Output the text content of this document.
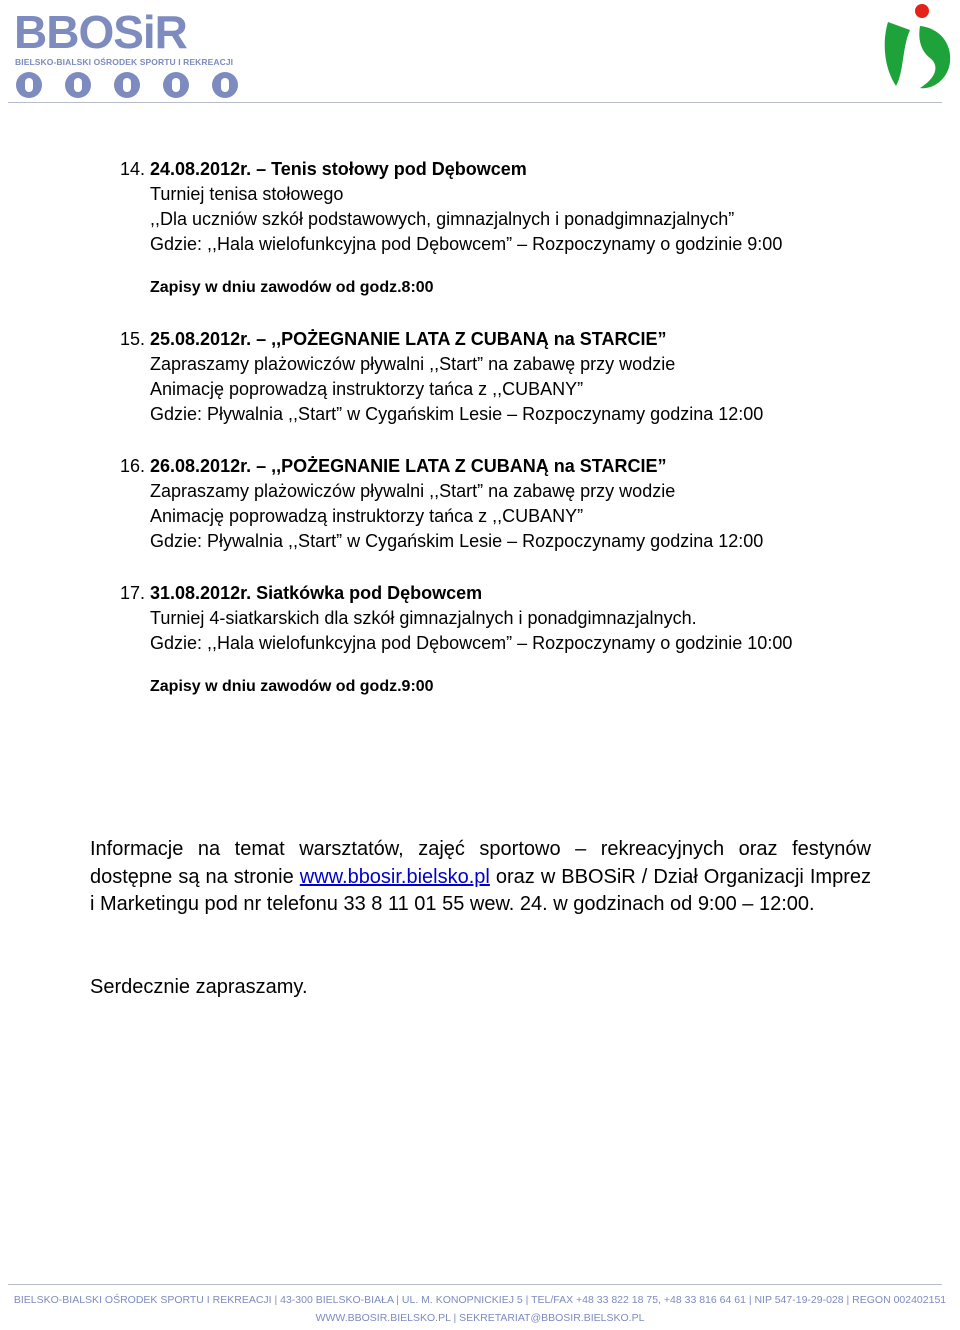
BBOSiR
BIELSKO-BIALSKI OŚRODEK SPORTU I REKREACJI
14. 24.08.2012r. – Tenis stołowy pod Dębowcem
Turniej tenisa stołowego
,,Dla uczniów szkół podstawowych, gimnazjalnych i ponadgimnazjalnych”
Gdzie: ,,Hala wielofunkcyjna pod Dębowcem” – Rozpoczynamy o godzinie 9:00
Zapisy w dniu zawodów od godz.8:00
15. 25.08.2012r. – ,,POŻEGNANIE LATA Z CUBANĄ na STARCIE”
Zapraszamy plażowiczów pływalni ,,Start” na zabawę przy wodzie
Animację poprowadzą instruktorzy tańca z ,,CUBANY”
Gdzie: Pływalnia ,,Start” w Cygańskim Lesie – Rozpoczynamy godzina 12:00
16. 26.08.2012r. – ,,POŻEGNANIE LATA Z CUBANĄ na STARCIE”
Zapraszamy plażowiczów pływalni ,,Start” na zabawę przy wodzie
Animację poprowadzą instruktorzy tańca z ,,CUBANY”
Gdzie: Pływalnia ,,Start” w Cygańskim Lesie – Rozpoczynamy godzina 12:00
17. 31.08.2012r. Siatkówka pod Dębowcem
Turniej 4-siatkarskich dla szkół gimnazjalnych i ponadgimnazjalnych.
Gdzie: ,,Hala wielofunkcyjna pod Dębowcem” – Rozpoczynamy o godzinie 10:00
Zapisy w dniu zawodów od godz.9:00

Informacje na temat warsztatów, zajęć sportowo – rekreacyjnych oraz festynów dostępne są na stronie www.bbosir.bielsko.pl oraz w BBOSiR / Dział Organizacji Imprez i Marketingu pod nr telefonu 33 8 11 01 55 wew. 24. w godzinach od 9:00 – 12:00.

Serdecznie zapraszamy.
BIELSKO-BIALSKI OŚRODEK SPORTU I REKREACJI | 43-300 BIELSKO-BIAŁA | UL. M. KONOPNICKIEJ 5 | TEL/FAX +48 33 822 18 75, +48 33 816 64 61 | NIP 547-19-29-028 | REGON 002402151
WWW.BBOSIR.BIELSKO.PL | SEKRETARIAT@BBOSIR.BIELSKO.PL
